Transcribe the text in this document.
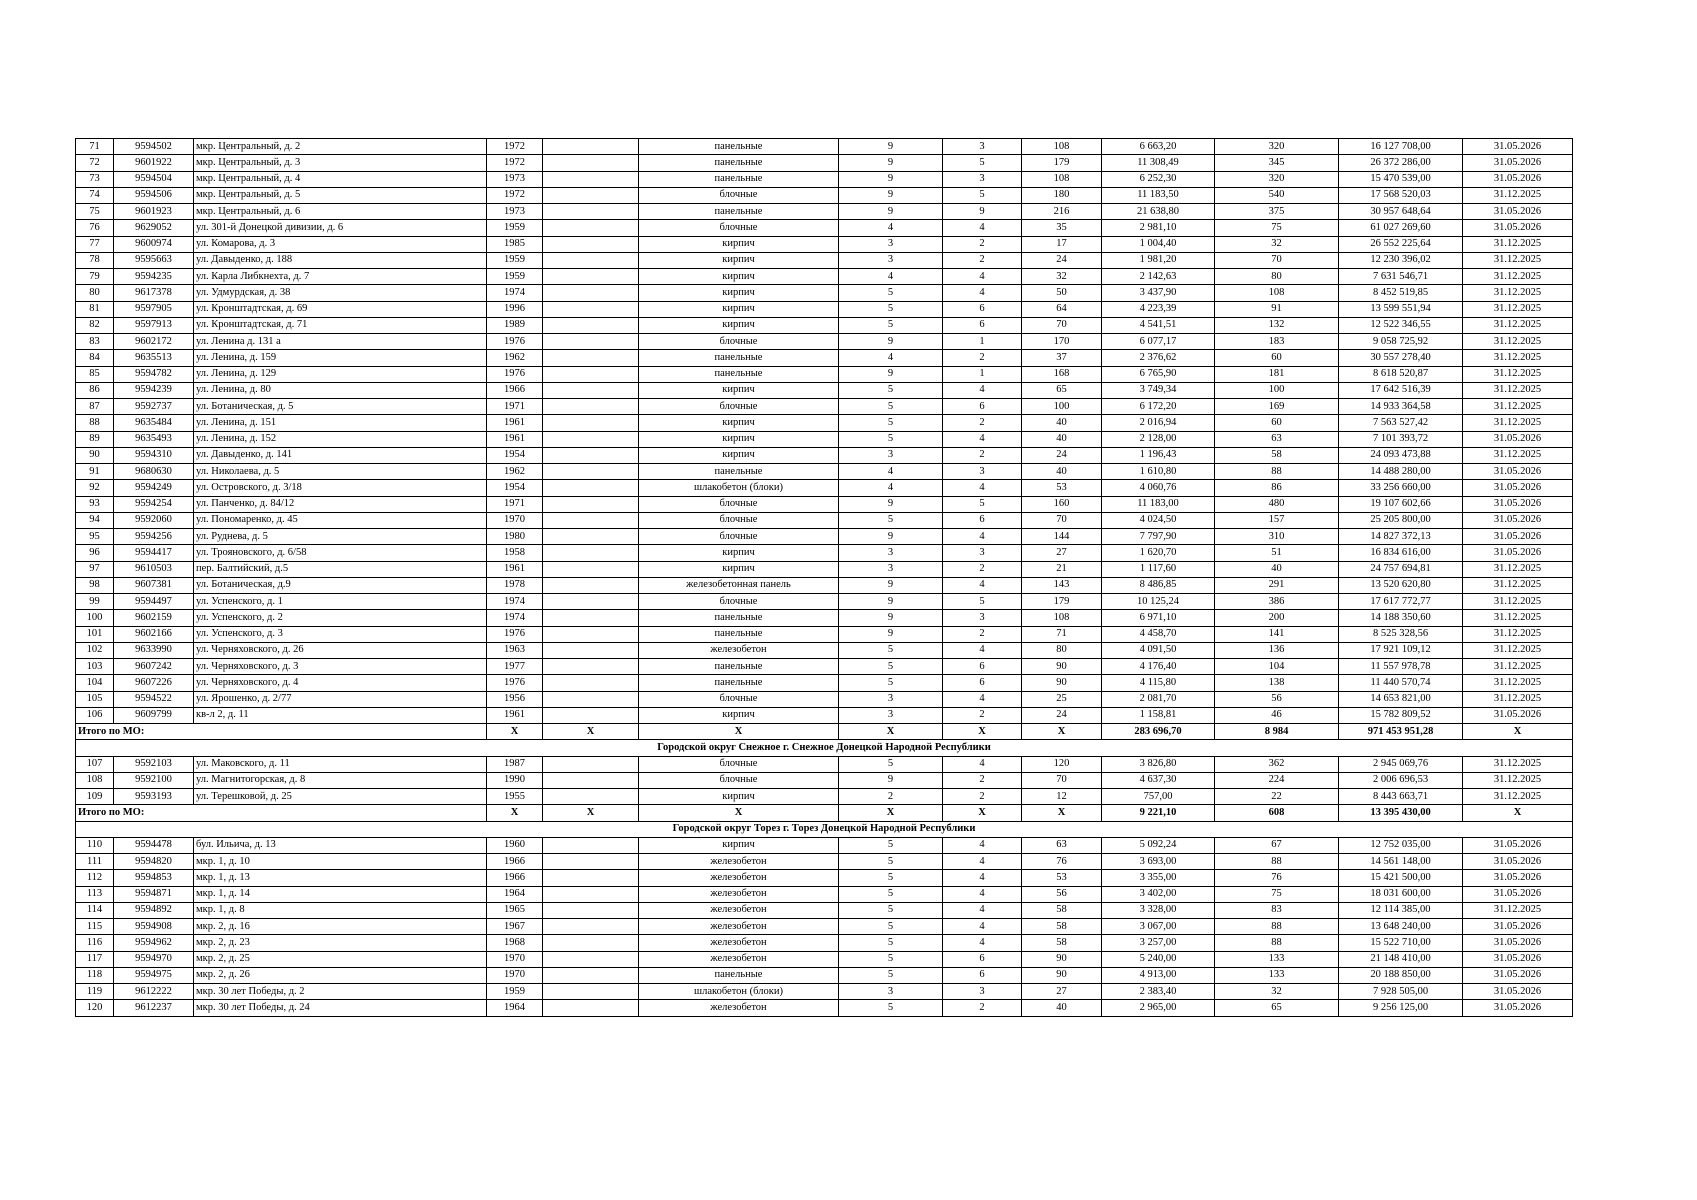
71	9594502	мкр. Центральный, д. 2	1972		панельные	9	3	108	6 663,20	320	16 127 708,00	31.05.2026
72	9601922	мкр. Центральный, д. 3	1972		панельные	9	5	179	11 308,49	345	26 372 286,00	31.05.2026
73	9594504	мкр. Центральный, д. 4	1973		панельные	9	3	108	6 252,30	320	15 470 539,00	31.05.2026
74	9594506	мкр. Центральный, д. 5	1972		блочные	9	5	180	11 183,50	540	17 568 520,03	31.12.2025
75	9601923	мкр. Центральный, д. 6	1973		панельные	9	9	216	21 638,80	375	30 957 648,64	31.05.2026
76	9629052	ул. 301-й Донецкой дивизии, д. 6	1959		блочные	4	4	35	2 981,10	75	61 027 269,60	31.05.2026
77	9600974	ул. Комарова, д. 3	1985		кирпич	3	2	17	1 004,40	32	26 552 225,64	31.12.2025
78	9595663	ул. Давыденко, д. 188	1959		кирпич	3	2	24	1 981,20	70	12 230 396,02	31.12.2025
79	9594235	ул. Карла Либкнехта, д. 7	1959		кирпич	4	4	32	2 142,63	80	7 631 546,71	31.12.2025
80	9617378	ул. Удмурдская, д. 38	1974		кирпич	5	4	50	3 437,90	108	8 452 519,85	31.12.2025
81	9597905	ул. Кронштадтская, д. 69	1996		кирпич	5	6	64	4 223,39	91	13 599 551,94	31.12.2025
82	9597913	ул. Кронштадтская, д. 71	1989		кирпич	5	6	70	4 541,51	132	12 522 346,55	31.12.2025
83	9602172	ул. Ленина д. 131 а	1976		блочные	9	1	170	6 077,17	183	9 058 725,92	31.12.2025
84	9635513	ул. Ленина, д. 159	1962		панельные	4	2	37	2 376,62	60	30 557 278,40	31.12.2025
85	9594782	ул. Ленина, д. 129	1976		панельные	9	1	168	6 765,90	181	8 618 520,87	31.12.2025
86	9594239	ул. Ленина, д. 80	1966		кирпич	5	4	65	3 749,34	100	17 642 516,39	31.12.2025
87	9592737	ул. Ботаническая, д. 5	1971		блочные	5	6	100	6 172,20	169	14 933 364,58	31.12.2025
88	9635484	ул. Ленина, д. 151	1961		кирпич	5	2	40	2 016,94	60	7 563 527,42	31.12.2025
89	9635493	ул. Ленина, д. 152	1961		кирпич	5	4	40	2 128,00	63	7 101 393,72	31.05.2026
90	9594310	ул. Давыденко, д. 141	1954		кирпич	3	2	24	1 196,43	58	24 093 473,88	31.12.2025
91	9680630	ул. Николаева, д. 5	1962		панельные	4	3	40	1 610,80	88	14 488 280,00	31.05.2026
92	9594249	ул. Островского, д. 3/18	1954		шлакобетон (блоки)	4	4	53	4 060,76	86	33 256 660,00	31.05.2026
93	9594254	ул. Панченко, д. 84/12	1971		блочные	9	5	160	11 183,00	480	19 107 602,66	31.05.2026
94	9592060	ул. Пономаренко, д. 45	1970		блочные	5	6	70	4 024,50	157	25 205 800,00	31.05.2026
95	9594256	ул. Руднева, д. 5	1980		блочные	9	4	144	7 797,90	310	14 827 372,13	31.05.2026
96	9594417	ул. Трояновского, д. 6/58	1958		кирпич	3	3	27	1 620,70	51	16 834 616,00	31.05.2026
97	9610503	пер. Балтийский, д.5	1961		кирпич	3	2	21	1 117,60	40	24 757 694,81	31.12.2025
98	9607381	ул. Ботаническая, д.9	1978		железобетонная панель	9	4	143	8 486,85	291	13 520 620,80	31.12.2025
99	9594497	ул. Успенского, д. 1	1974		блочные	9	5	179	10 125,24	386	17 617 772,77	31.12.2025
100	9602159	ул. Успенского, д. 2	1974		панельные	9	3	108	6 971,10	200	14 188 350,60	31.12.2025
101	9602166	ул. Успенского, д. 3	1976		панельные	9	2	71	4 458,70	141	8 525 328,56	31.12.2025
102	9633990	ул. Черняховского, д. 26	1963		железобетон	5	4	80	4 091,50	136	17 921 109,12	31.12.2025
103	9607242	ул. Черняховского, д. 3	1977		панельные	5	6	90	4 176,40	104	11 557 978,78	31.12.2025
104	9607226	ул. Черняховского, д. 4	1976		панельные	5	6	90	4 115,80	138	11 440 570,74	31.12.2025
105	9594522	ул. Ярошенко, д. 2/77	1956		блочные	3	4	25	2 081,70	56	14 653 821,00	31.12.2025
106	9609799	кв-л 2, д. 11	1961		кирпич	3	2	24	1 158,81	46	15 782 809,52	31.05.2026
Итого по МО:			X	X	X	X	X	X	283 696,70	8 984	971 453 951,28	X
Городской округ Снежное г. Снежное Донецкой Народной Республики												
107	9592103	ул. Маковского, д. 11	1987		блочные	5	4	120	3 826,80	362	2 945 069,76	31.12.2025
108	9592100	ул. Магнитогорская, д. 8	1990		блочные	9	2	70	4 637,30	224	2 006 696,53	31.12.2025
109	9593193	ул. Терешковой, д. 25	1955		кирпич	2	2	12	757,00	22	8 443 663,71	31.12.2025
Итого по МО:			X	X	X	X	X	X	9 221,10	608	13 395 430,00	X
Городской округ Торез г. Торез Донецкой Народной Республики												
110	9594478	бул. Ильича, д. 13	1960		кирпич	5	4	63	5 092,24	67	12 752 035,00	31.05.2026
111	9594820	мкр. 1, д. 10	1966		железобетон	5	4	76	3 693,00	88	14 561 148,00	31.05.2026
112	9594853	мкр. 1, д. 13	1966		железобетон	5	4	53	3 355,00	76	15 421 500,00	31.05.2026
113	9594871	мкр. 1, д. 14	1964		железобетон	5	4	56	3 402,00	75	18 031 600,00	31.05.2026
114	9594892	мкр. 1, д. 8	1965		железобетон	5	4	58	3 328,00	83	12 114 385,00	31.12.2025
115	9594908	мкр. 2, д. 16	1967		железобетон	5	4	58	3 067,00	88	13 648 240,00	31.05.2026
116	9594962	мкр. 2, д. 23	1968		железобетон	5	4	58	3 257,00	88	15 522 710,00	31.05.2026
117	9594970	мкр. 2, д. 25	1970		железобетон	5	6	90	5 240,00	133	21 148 410,00	31.05.2026
118	9594975	мкр. 2, д. 26	1970		панельные	5	6	90	4 913,00	133	20 188 850,00	31.05.2026
119	9612222	мкр. 30 лет Победы, д. 2	1959		шлакобетон (блоки)	3	3	27	2 383,40	32	7 928 505,00	31.05.2026
120	9612237	мкр. 30 лет Победы, д. 24	1964		железобетон	5	2	40	2 965,00	65	9 256 125,00	31.05.2026
